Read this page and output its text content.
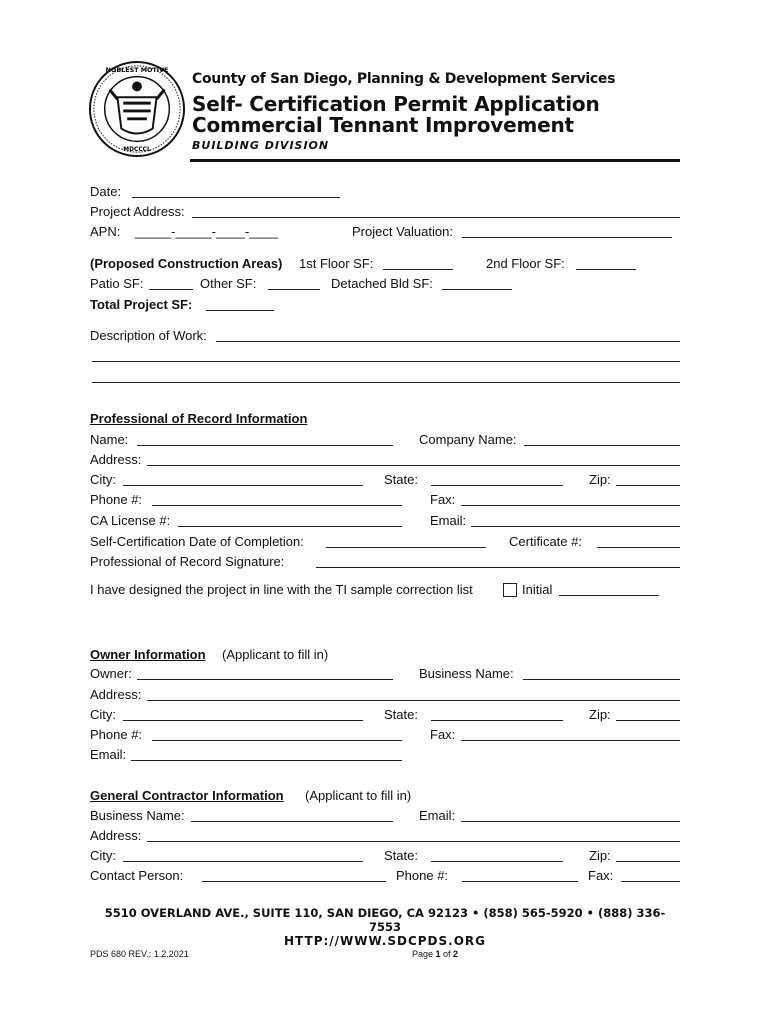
NOBLEST MOTIVE
MDCCCL
County of San Diego, Planning & Development Services
Self- Certification Permit Application
Commercial Tennant Improvement
BUILDING DIVISION
Date:
Project Address:
APN: _____-_____-____-____	Project Valuation:
(Proposed Construction Areas) 1st Floor SF:	2nd Floor SF:
Patio SF:	Other SF:	Detached Bld SF:
Total Project SF:
Description of Work:
Professional of Record Information
Name:	Company Name:
Address:
City:	State:	Zip:
Phone #:	Fax:
CA License #:	Email:
Self-Certification Date of Completion:	Certificate #:
Professional of Record Signature:
I have designed the project in line with the TI sample correction list	Initial
Owner Information (Applicant to fill in)
Owner:	Business Name:
Address:
City:	State:	Zip:
Phone #:	Fax:
Email:
General Contractor Information (Applicant to fill in)
Business Name:	Email:
Address:
City:	State:	Zip:
Contact Person:	Phone #:	Fax:
5510 OVERLAND AVE., SUITE 110, SAN DIEGO, CA 92123 • (858) 565-5920 • (888) 336-7553
HTTP://WWW.SDCPDS.ORG
PDS 680 REV.: 1.2.2021	Page 1 of 2
